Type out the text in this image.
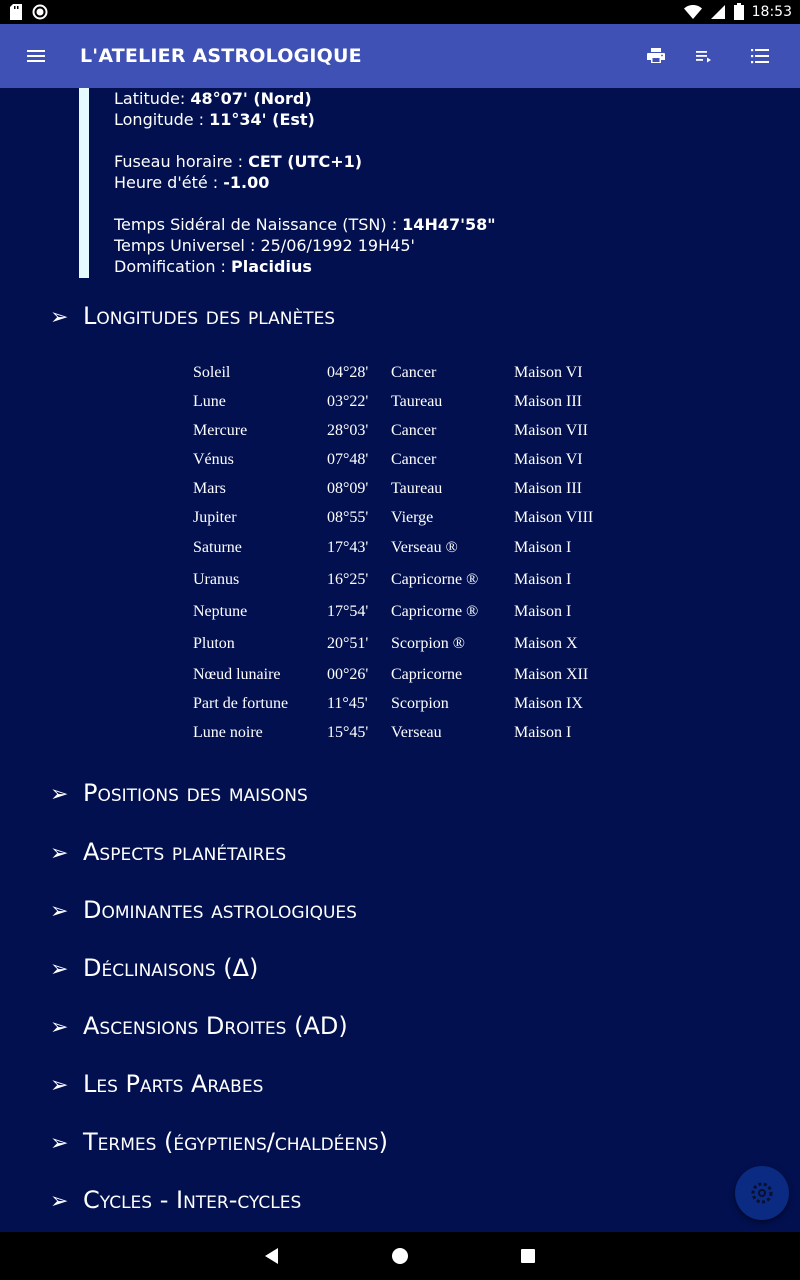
18:53
L'ATELIER ASTROLOGIQUE
Latitude: 48°07' (Nord)
Longitude : 11°34' (Est)
Fuseau horaire : CET (UTC+1)
Heure d'été : -1.00
Temps Sidéral de Naissance (TSN) : 14H47'58"
Temps Universel : 25/06/1992 19H45'
Domification : Placidius
➢ Longitudes des planètes
Soleil	04°28' Cancer	Maison VI
Lune	03°22' Taureau	Maison III
Mercure	28°03' Cancer	Maison VII
Vénus	07°48' Cancer	Maison VI
Mars	08°09' Taureau	Maison III
Jupiter	08°55' Vierge	Maison VIII
Saturne	17°43' Verseau ®	Maison I
Uranus	16°25' Capricorne ® Maison I
Neptune	17°54' Capricorne ® Maison I
Pluton	20°51' Scorpion ®	Maison X
Nœud lunaire	00°26' Capricorne	Maison XII
Part de fortune 11°45' Scorpion	Maison IX
Lune noire	15°45' Verseau	Maison I
➢ Positions des maisons
➢ Aspects planétaires
➢ Dominantes astrologiques
➢ Déclinaisons (Δ)
➢ Ascensions Droites (AD)
➢ Les Parts Arabes
➢ Termes (égyptiens/chaldéens)
➢ Cycles - Inter-cycles
